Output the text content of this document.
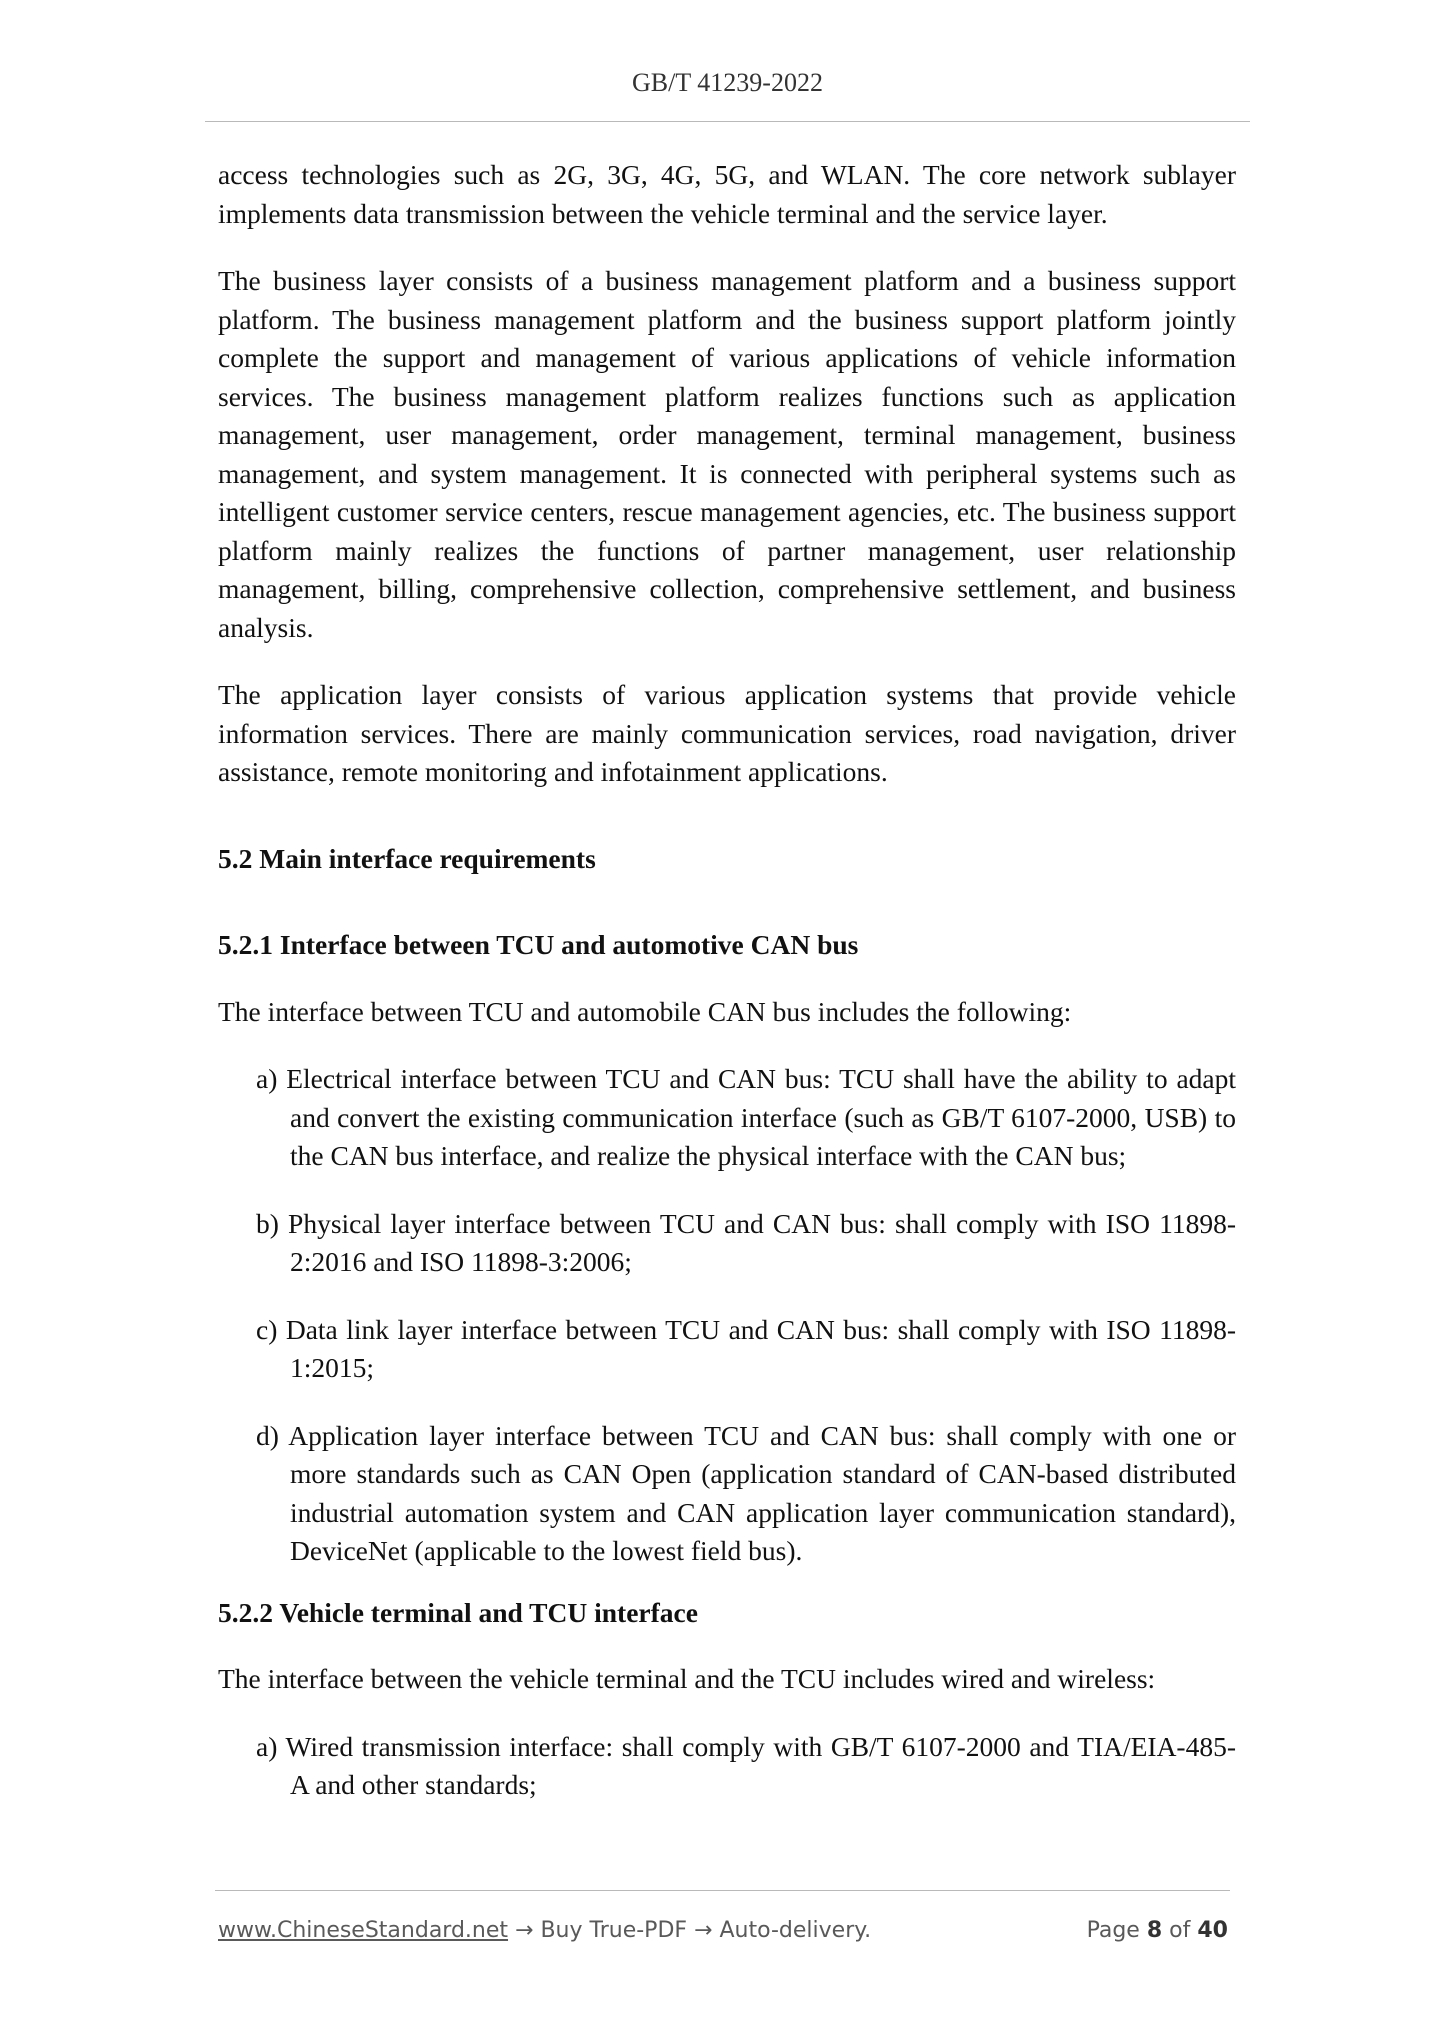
GB/T 41239-2022

access technologies such as 2G, 3G, 4G, 5G, and WLAN. The core network sublayer implements data transmission between the vehicle terminal and the service layer.

The business layer consists of a business management platform and a business support platform. The business management platform and the business support platform jointly complete the support and management of various applications of vehicle information services. The business management platform realizes functions such as application management, user management, order management, terminal management, business management, and system management. It is connected with peripheral systems such as intelligent customer service centers, rescue management agencies, etc. The business support platform mainly realizes the functions of partner management, user relationship management, billing, comprehensive collection, comprehensive settlement, and business analysis.

The application layer consists of various application systems that provide vehicle information services. There are mainly communication services, road navigation, driver assistance, remote monitoring and infotainment applications.

5.2 Main interface requirements

5.2.1 Interface between TCU and automotive CAN bus

The interface between TCU and automobile CAN bus includes the following:

a) Electrical interface between TCU and CAN bus: TCU shall have the ability to adapt and convert the existing communication interface (such as GB/T 6107-2000, USB) to the CAN bus interface, and realize the physical interface with the CAN bus;

b) Physical layer interface between TCU and CAN bus: shall comply with ISO 11898-2:2016 and ISO 11898-3:2006;

c) Data link layer interface between TCU and CAN bus: shall comply with ISO 11898-1:2015;

d) Application layer interface between TCU and CAN bus: shall comply with one or more standards such as CAN Open (application standard of CAN-based distributed industrial automation system and CAN application layer communication standard), DeviceNet (applicable to the lowest field bus).

5.2.2 Vehicle terminal and TCU interface

The interface between the vehicle terminal and the TCU includes wired and wireless:

a) Wired transmission interface: shall comply with GB/T 6107-2000 and TIA/EIA-485-A and other standards;

www.ChineseStandard.net → Buy True-PDF → Auto-delivery.	Page 8 of 40
